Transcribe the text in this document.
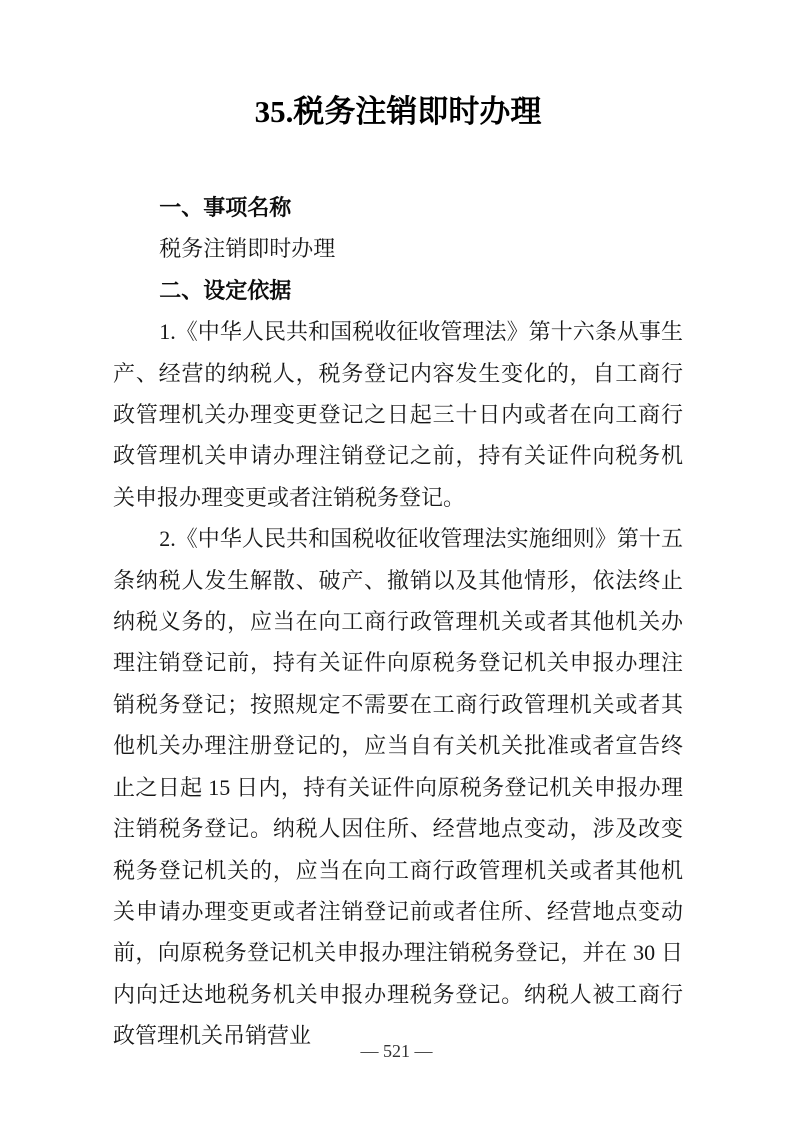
35.税务注销即时办理
一、事项名称

税务注销即时办理

二、设定依据

1.《中华人民共和国税收征收管理法》第十六条从事生产、经营的纳税人，税务登记内容发生变化的，自工商行政管理机关办理变更登记之日起三十日内或者在向工商行政管理机关申请办理注销登记之前，持有关证件向税务机关申报办理变更或者注销税务登记。

2.《中华人民共和国税收征收管理法实施细则》第十五条纳税人发生解散、破产、撤销以及其他情形，依法终止纳税义务的，应当在向工商行政管理机关或者其他机关办理注销登记前，持有关证件向原税务登记机关申报办理注销税务登记；按照规定不需要在工商行政管理机关或者其他机关办理注册登记的，应当自有关机关批准或者宣告终止之日起 15 日内，持有关证件向原税务登记机关申报办理注销税务登记。纳税人因住所、经营地点变动，涉及改变税务登记机关的，应当在向工商行政管理机关或者其他机关申请办理变更或者注销登记前或者住所、经营地点变动前，向原税务登记机关申报办理注销税务登记，并在 30 日内向迁达地税务机关申报办理税务登记。纳税人被工商行政管理机关吊销营业

— 521 —
